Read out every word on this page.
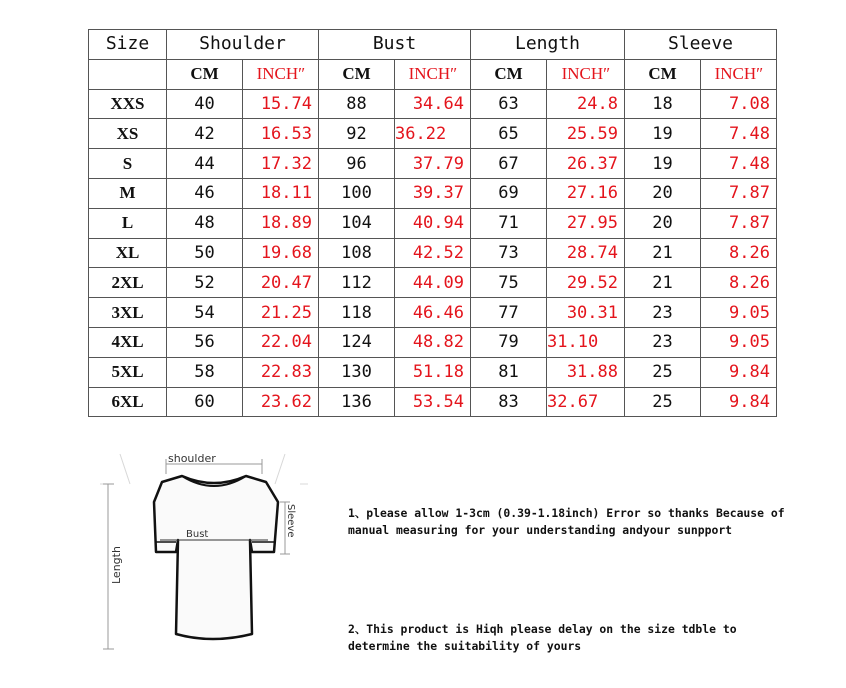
Size	Shoulder		Bust		Length		Sleeve	
	CM	INCHʺ	CM	INCHʺ	CM	INCHʺ	CM	INCHʺ
XXS	40	15.74	88	34.64	63	24.8	18	7.08
XS	42	16.53	92	36.22	65	25.59	19	7.48
S	44	17.32	96	37.79	67	26.37	19	7.48
M	46	18.11	100	39.37	69	27.16	20	7.87
L	48	18.89	104	40.94	71	27.95	20	7.87
XL	50	19.68	108	42.52	73	28.74	21	8.26
2XL	52	20.47	112	44.09	75	29.52	21	8.26
3XL	54	21.25	118	46.46	77	30.31	23	9.05
4XL	56	22.04	124	48.82	79	31.10	23	9.05
5XL	58	22.83	130	51.18	81	31.88	25	9.84
6XL	60	23.62	136	53.54	83	32.67	25	9.84
shoulder
Bust	Sleeve
Length
1、please allow 1-3cm (0.39-1.18inch) Error so thanks Because of manual measuring for your understanding andyour sunpport
2、This product is Hiqh please delay on the size tdble to determine the suitability of yours
